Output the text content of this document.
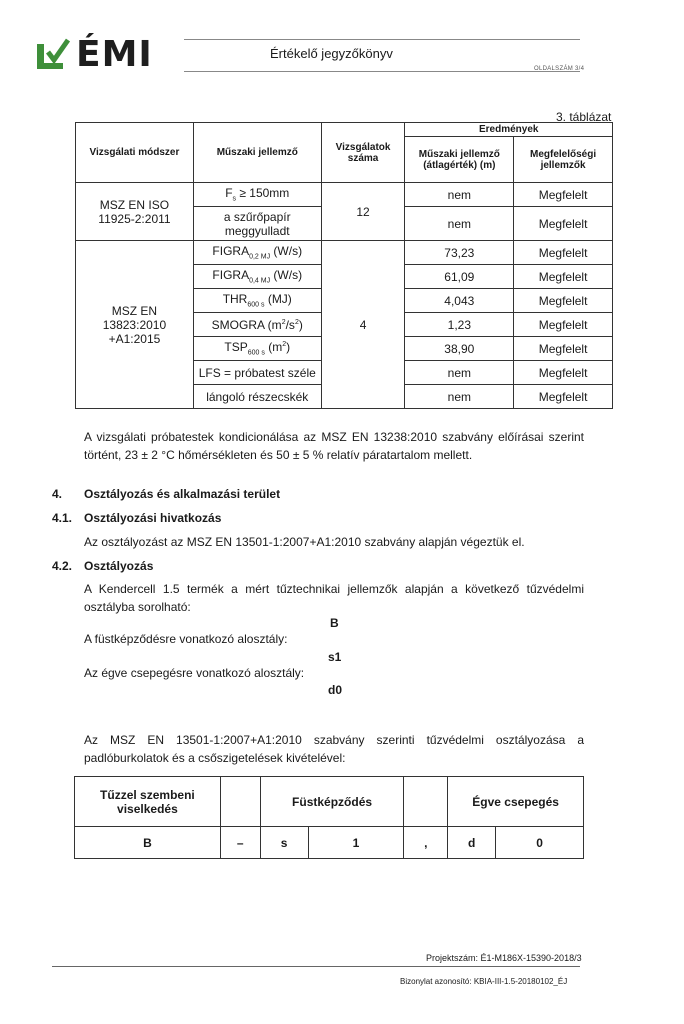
ÉMI	Értékelő jegyzőkönyv
OLDALSZÁM 3/4
3. táblázat
Vizsgálati módszer	Műszaki jellemző	Vizsgálatok száma	Eredmények	
			Műszaki jellemző (átlagérték) (m)	Megfelelőségi jellemzők
MSZ EN ISO 11925-2:2011	$F_s \ge 150mm$	12	nem	Megfelelt
	a szűrőpapír meggyulladt		nem	Megfelelt
MSZ EN 13823:2010 +A1:2015	$FIGRA_{0,2 MJ}$ (W/s)	4	73,23	Megfelelt
	$FIGRA_{0,4 MJ}$ (W/s)		61,09	Megfelelt
	$THR_{600 s}$ (MJ)		4,043	Megfelelt
	SMOGRA $(m^2/s^2)$		1,23	Megfelelt
	$TSP_{600 s}$ $(m^2)$		38,90	Megfelelt
	LFS = próbatest széle		nem	Megfelelt
	lángoló részecskék		nem	Megfelelt
A vizsgálati próbatestek kondicionálása az MSZ EN 13238:2010 szabvány előírásai szerint történt, 23 ± 2 °C hőmérsékleten és 50 ± 5 % relatív páratartalom mellett.
4. Osztályozás és alkalmazási terület
4.1. Osztályozási hivatkozás
Az osztályozást az MSZ EN 13501-1:2007+A1:2010 szabvány alapján végeztük el.
4.2. Osztályozás
A Kendercell 1.5 termék a mért tűztechnikai jellemzők alapján a következő tűzvédelmi osztályba sorolható:
B
A füstképződésre vonatkozó alosztály:
s1
Az égve csepegésre vonatkozó alosztály:
d0
Az MSZ EN 13501-1:2007+A1:2010 szabvány szerinti tűzvédelmi osztályozása a padlóburkolatok és a csőszigetelések kivételével:
Tűzzel szembeni viselkedés		Füstképződés			Égve csepegés	
B	–	s	1	,	d	0
Projektszám: É1-M186X-15390-2018/3
Bizonylat azonosító: KBIA-III-1.5-20180102_ÉJ
